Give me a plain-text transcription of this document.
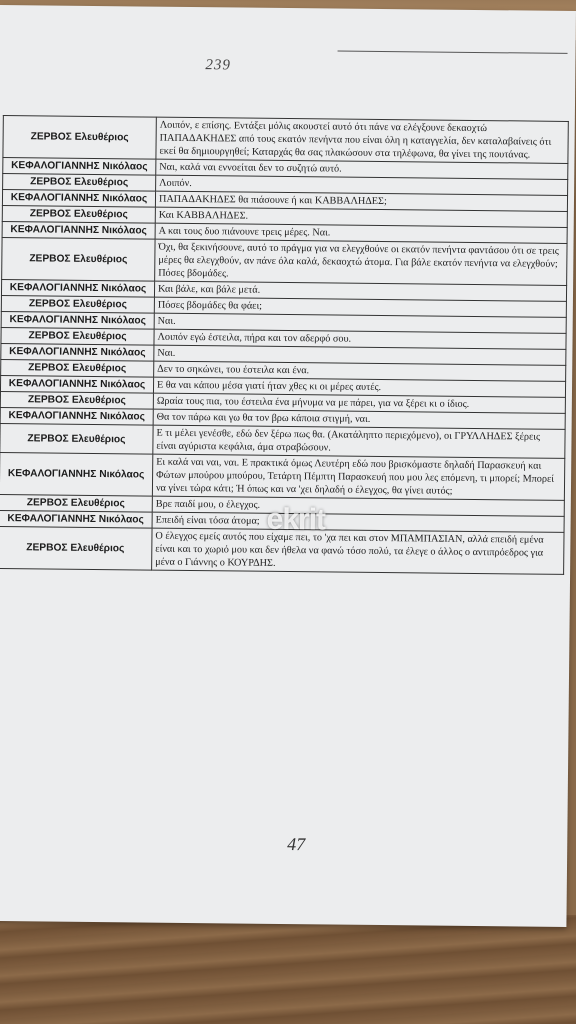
239
ΖΕΡΒΟΣ Ελευθέριος	Λοιπόν, ε επίσης. Εντάξει μόλις ακουστεί αυτό ότι πάνε να ελέγξουνε δεκαοχτώ ΠΑΠΑΔΑΚΗΔΕΣ από τους εκατόν πενήντα που είναι όλη η καταγγελία, δεν καταλαβαίνεις ότι εκεί θα δημιουργηθεί; Καταρχάς θα σας πλακώσουν στα τηλέφωνα, θα γίνει της πουτάνας.
ΚΕΦΑΛΟΓΙΑΝΝΗΣ Νικόλαος	Ναι, καλά ναι εννοείται δεν το συζητώ αυτό.
ΖΕΡΒΟΣ Ελευθέριος	Λοιπόν.
ΚΕΦΑΛΟΓΙΑΝΝΗΣ Νικόλαος	ΠΑΠΑΔΑΚΗΔΕΣ θα πιάσουνε ή και ΚΑΒΒΑΛΗΔΕΣ;
ΖΕΡΒΟΣ Ελευθέριος	Και ΚΑΒΒΑΛΗΔΕΣ.
ΚΕΦΑΛΟΓΙΑΝΝΗΣ Νικόλαος	Α και τους δυο πιάνουνε τρεις μέρες. Ναι.
ΖΕΡΒΟΣ Ελευθέριος	Όχι, θα ξεκινήσουνε, αυτό το πράγμα για να ελεγχθούνε οι εκατόν πενήντα φαντάσου ότι σε τρεις μέρες θα ελεγχθούν, αν πάνε όλα καλά, δεκαοχτώ άτομα. Για βάλε εκατόν πενήντα να ελεγχθούν; Πόσες βδομάδες.
ΚΕΦΑΛΟΓΙΑΝΝΗΣ Νικόλαος	Και βάλε, και βάλε μετά.
ΖΕΡΒΟΣ Ελευθέριος	Πόσες βδομάδες θα φάει;
ΚΕΦΑΛΟΓΙΑΝΝΗΣ Νικόλαος	Ναι.
ΖΕΡΒΟΣ Ελευθέριος	Λοιπόν εγώ έστειλα, πήρα και τον αδερφό σου.
ΚΕΦΑΛΟΓΙΑΝΝΗΣ Νικόλαος	Ναι.
ΖΕΡΒΟΣ Ελευθέριος	Δεν το σηκώνει, του έστειλα και ένα.
ΚΕΦΑΛΟΓΙΑΝΝΗΣ Νικόλαος	Ε θα ναι κάπου μέσα γιατί ήταν χθες κι οι μέρες αυτές.
ΖΕΡΒΟΣ Ελευθέριος	Ωραία τους πια, του έστειλα ένα μήνυμα να με πάρει, για να ξέρει κι ο ίδιος.
ΚΕΦΑΛΟΓΙΑΝΝΗΣ Νικόλαος	Θα τον πάρω και γω θα τον βρω κάποια στιγμή, ναι.
ΖΕΡΒΟΣ Ελευθέριος	Ε τι μέλει γενέσθε, εδώ δεν ξέρω πως θα. (Ακατάληπτο περιεχόμενο), οι ΓΡΥΛΛΗΔΕΣ ξέρεις είναι αγύριστα κεφάλια, άμα στραβώσουν.
ΚΕΦΑΛΟΓΙΑΝΝΗΣ Νικόλαος	Ει καλά ναι ναι, ναι. Ε πρακτικά όμως Λευτέρη εδώ που βρισκόμαστε δηλαδή Παρασκευή και Φώτων μπούρου μπούρου, Τετάρτη Πέμπτη Παρασκευή που μου λες επόμενη, τι μπορεί; Μπορεί να γίνει τώρα κάτι; Ή όπως και να 'χει δηλαδή ο έλεγχος, θα γίνει αυτός;
ΖΕΡΒΟΣ Ελευθέριος	Βρε παιδί μου, ο έλεγχος.
ΚΕΦΑΛΟΓΙΑΝΝΗΣ Νικόλαος	Επειδή είναι τόσα άτομα;
ΖΕΡΒΟΣ Ελευθέριος	Ο έλεγχος εμείς αυτός που είχαμε πει, το 'χα πει και στον ΜΠΑΜΠΑΣΙΑΝ, αλλά επειδή εμένα είναι και το χωριό μου και δεν ήθελα να φανώ τόσο πολύ, τα έλεγε ο άλλος ο αντιπρόεδρος για μένα ο Γιάννης ο ΚΟΥΡΔΗΣ.
47
ekrit
